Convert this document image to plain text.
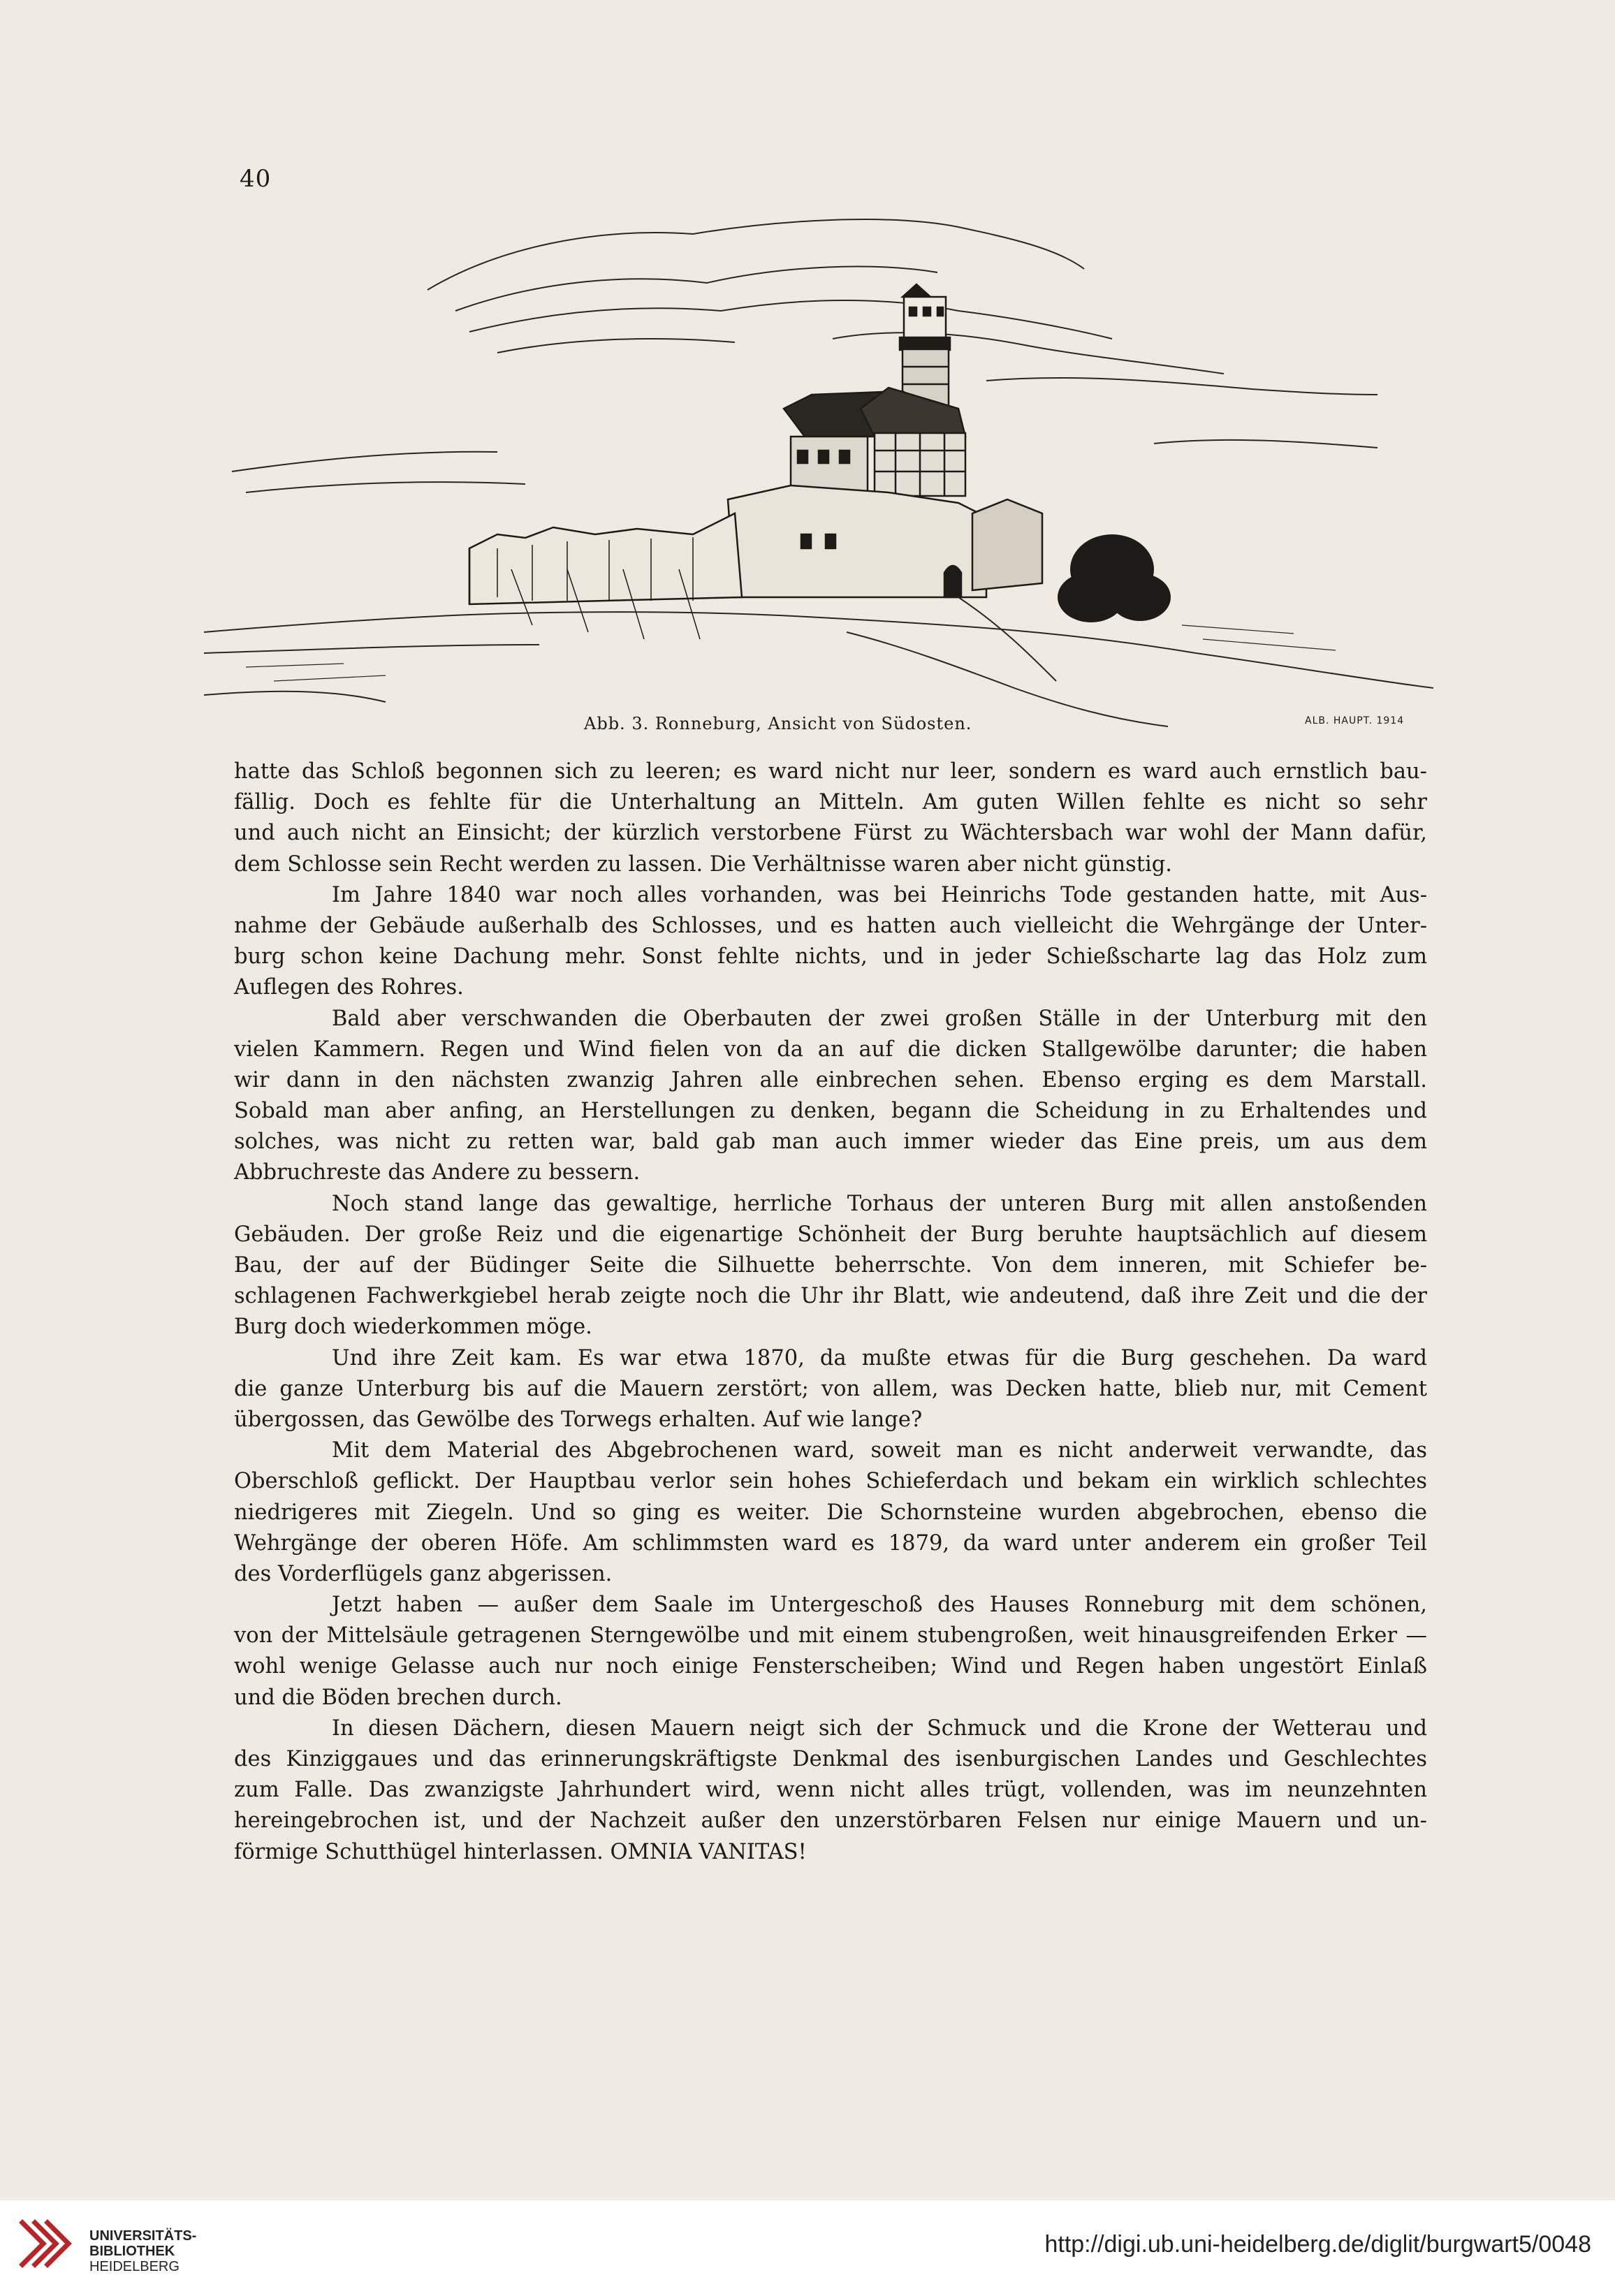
40
Abb. 3. Ronneburg, Ansicht von Südosten.	ALB. HAUPT. 1914
hatte das Schloß begonnen sich zu leeren; es ward nicht nur leer, sondern es ward auch ernstlich bau-
fällig. Doch es fehlte für die Unterhaltung an Mitteln. Am guten Willen fehlte es nicht so sehr
und auch nicht an Einsicht; der kürzlich verstorbene Fürst zu Wächtersbach war wohl der Mann dafür,
dem Schlosse sein Recht werden zu lassen. Die Verhältnisse waren aber nicht günstig.
Im Jahre 1840 war noch alles vorhanden, was bei Heinrichs Tode gestanden hatte, mit Aus-
nahme der Gebäude außerhalb des Schlosses, und es hatten auch vielleicht die Wehrgänge der Unter-
burg schon keine Dachung mehr. Sonst fehlte nichts, und in jeder Schießscharte lag das Holz zum
Auflegen des Rohres.
Bald aber verschwanden die Oberbauten der zwei großen Ställe in der Unterburg mit den
vielen Kammern. Regen und Wind fielen von da an auf die dicken Stallgewölbe darunter; die haben
wir dann in den nächsten zwanzig Jahren alle einbrechen sehen. Ebenso erging es dem Marstall.
Sobald man aber anfing, an Herstellungen zu denken, begann die Scheidung in zu Erhaltendes und
solches, was nicht zu retten war, bald gab man auch immer wieder das Eine preis, um aus dem
Abbruchreste das Andere zu bessern.
Noch stand lange das gewaltige, herrliche Torhaus der unteren Burg mit allen anstoßenden
Gebäuden. Der große Reiz und die eigenartige Schönheit der Burg beruhte hauptsächlich auf diesem
Bau, der auf der Büdinger Seite die Silhuette beherrschte. Von dem inneren, mit Schiefer be-
schlagenen Fachwerkgiebel herab zeigte noch die Uhr ihr Blatt, wie andeutend, daß ihre Zeit und die der
Burg doch wiederkommen möge.
Und ihre Zeit kam. Es war etwa 1870, da mußte etwas für die Burg geschehen. Da ward
die ganze Unterburg bis auf die Mauern zerstört; von allem, was Decken hatte, blieb nur, mit Cement
übergossen, das Gewölbe des Torwegs erhalten. Auf wie lange?
Mit dem Material des Abgebrochenen ward, soweit man es nicht anderweit verwandte, das
Oberschloß geflickt. Der Hauptbau verlor sein hohes Schieferdach und bekam ein wirklich schlechtes
niedrigeres mit Ziegeln. Und so ging es weiter. Die Schornsteine wurden abgebrochen, ebenso die
Wehrgänge der oberen Höfe. Am schlimmsten ward es 1879, da ward unter anderem ein großer Teil
des Vorderflügels ganz abgerissen.
Jetzt haben — außer dem Saale im Untergeschoß des Hauses Ronneburg mit dem schönen,
von der Mittelsäule getragenen Sterngewölbe und mit einem stubengroßen, weit hinausgreifenden Erker —
wohl wenige Gelasse auch nur noch einige Fensterscheiben; Wind und Regen haben ungestört Einlaß
und die Böden brechen durch.
In diesen Dächern, diesen Mauern neigt sich der Schmuck und die Krone der Wetterau und
des Kinziggaues und das erinnerungskräftigste Denkmal des isenburgischen Landes und Geschlechtes
zum Falle. Das zwanzigste Jahrhundert wird, wenn nicht alles trügt, vollenden, was im neunzehnten
hereingebrochen ist, und der Nachzeit außer den unzerstörbaren Felsen nur einige Mauern und un-
förmige Schutthügel hinterlassen. OMNIA VANITAS!
UNIVERSITÄTS-
BIBLIOTHEK
HEIDELBERG
http://digi.ub.uni-heidelberg.de/diglit/burgwart5/0048
